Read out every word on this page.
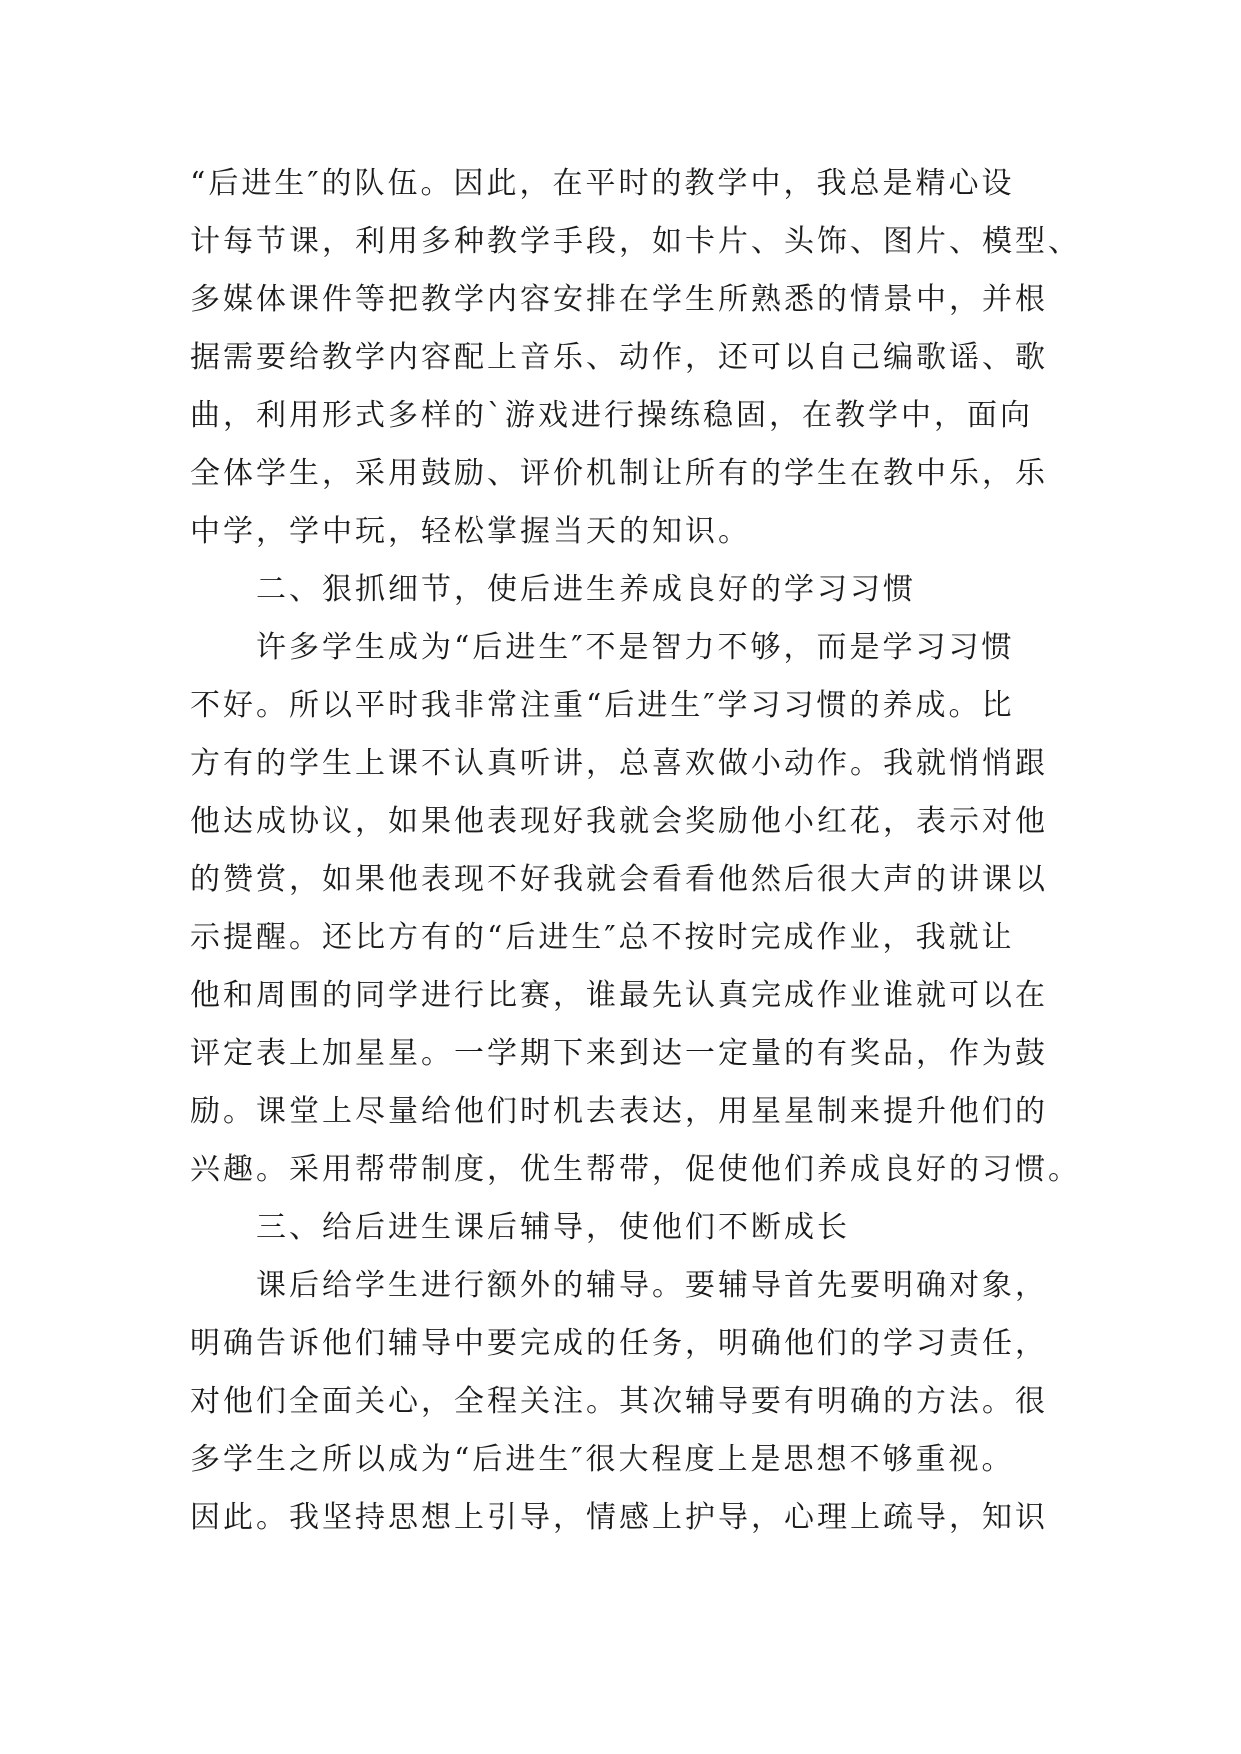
“后进生″的队伍。因此，在平时的教学中，我总是精心设
计每节课，利用多种教学手段，如卡片、头饰、图片、模型、
多媒体课件等把教学内容安排在学生所熟悉的情景中，并根
据需要给教学内容配上音乐、动作，还可以自己编歌谣、歌
曲，利用形式多样的`游戏进行操练稳固，在教学中，面向
全体学生，采用鼓励、评价机制让所有的学生在教中乐，乐
中学，学中玩，轻松掌握当天的知识。
二、狠抓细节，使后进生养成良好的学习习惯
许多学生成为“后进生″不是智力不够，而是学习习惯
不好。所以平时我非常注重“后进生″学习习惯的养成。比
方有的学生上课不认真听讲，总喜欢做小动作。我就悄悄跟
他达成协议，如果他表现好我就会奖励他小红花，表示对他
的赞赏，如果他表现不好我就会看看他然后很大声的讲课以
示提醒。还比方有的“后进生″总不按时完成作业，我就让
他和周围的同学进行比赛，谁最先认真完成作业谁就可以在
评定表上加星星。一学期下来到达一定量的有奖品，作为鼓
励。课堂上尽量给他们时机去表达，用星星制来提升他们的
兴趣。采用帮带制度，优生帮带，促使他们养成良好的习惯。
三、给后进生课后辅导，使他们不断成长
课后给学生进行额外的辅导。要辅导首先要明确对象，
明确告诉他们辅导中要完成的任务，明确他们的学习责任，
对他们全面关心，全程关注。其次辅导要有明确的方法。很
多学生之所以成为“后进生″很大程度上是思想不够重视。
因此。我坚持思想上引导，情感上护导，心理上疏导，知识
